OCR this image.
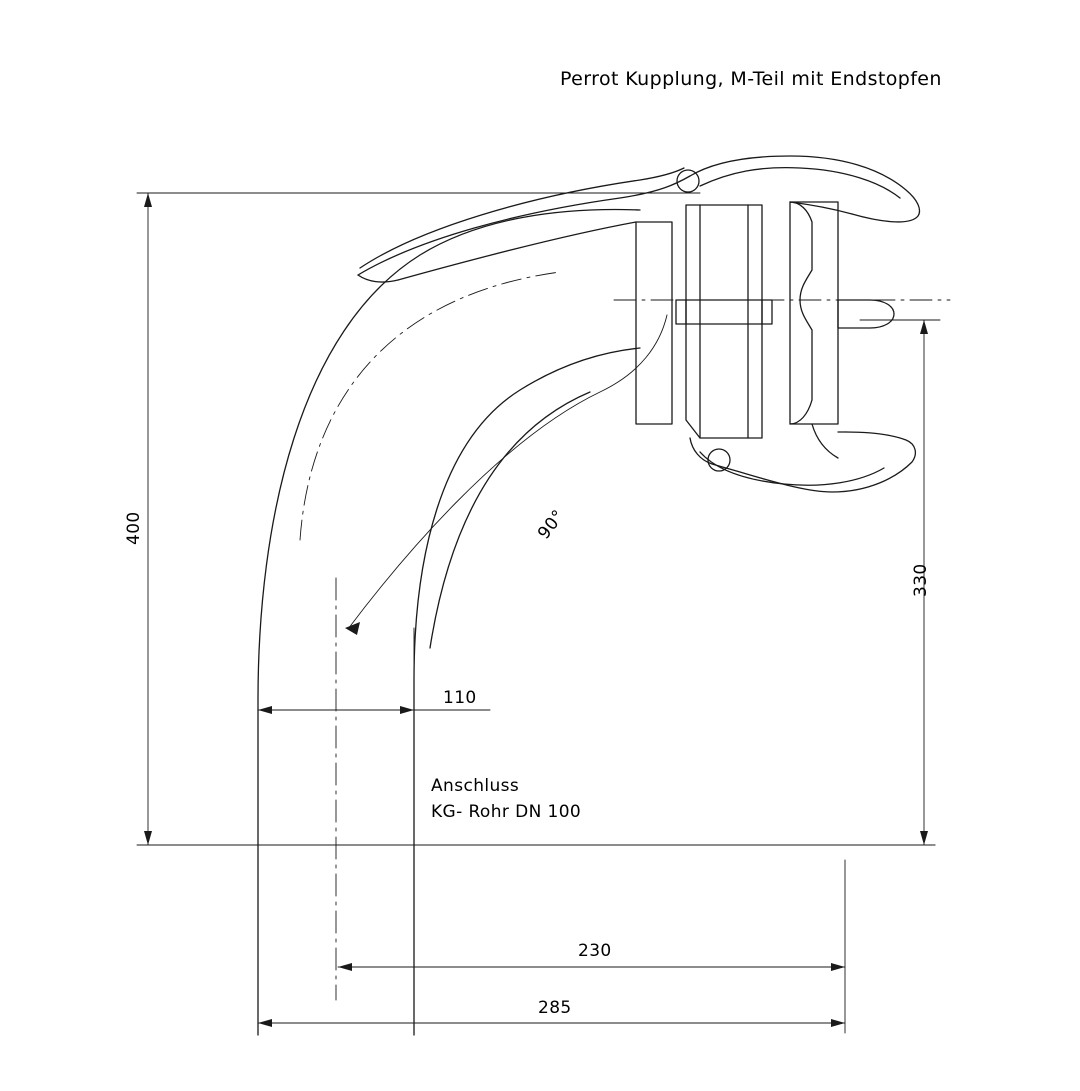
Perrot Kupplung, M-Teil mit Endstopfen
400
330
110
230
285
90°
Anschluss
KG- Rohr DN 100
